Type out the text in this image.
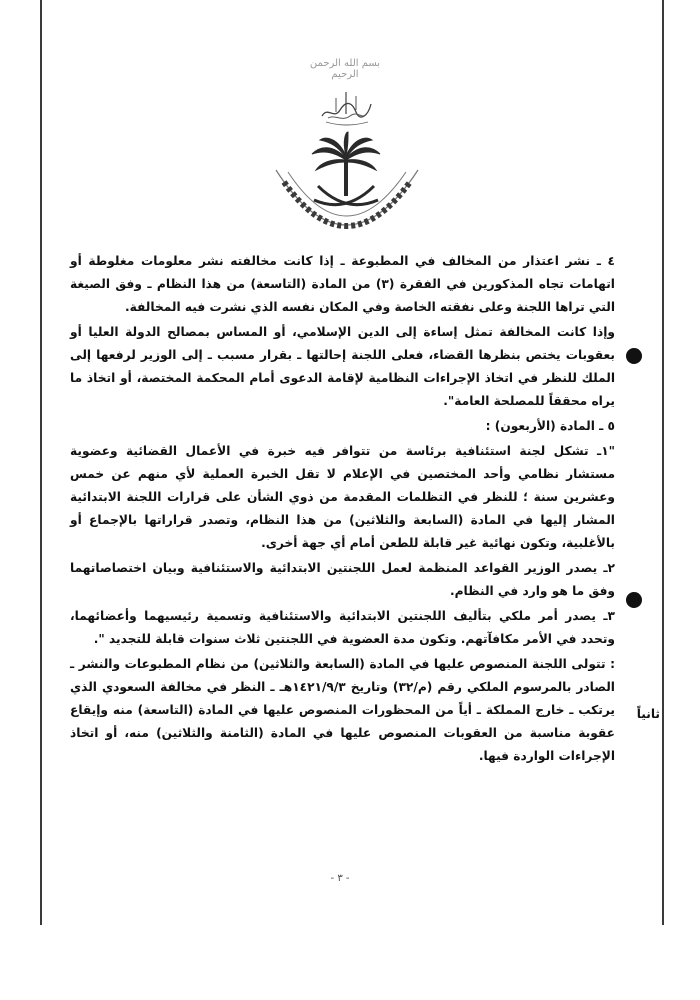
بسم الله الرحمن الرحيم

٤ ـ نشر اعتذار من المخالف في المطبوعة ـ إذا كانت مخالفته نشر معلومات مغلوطة أو اتهامات تجاه المذكورين في الفقرة (٣) من المادة (التاسعة) من هذا النظام ـ وفق الصيغة التي تراها اللجنة وعلى نفقته الخاصة وفي المكان نفسه الذي نشرت فيه المخالفة.

وإذا كانت المخالفة تمثل إساءة إلى الدين الإسلامي، أو المساس بمصالح الدولة العليا أو بعقوبات يختص بنظرها القضاء، فعلى اللجنة إحالتها ـ بقرار مسبب ـ إلى الوزير لرفعها إلى الملك للنظر في اتخاذ الإجراءات النظامية لإقامة الدعوى أمام المحكمة المختصة، أو اتخاذ ما يراه محققاً للمصلحة العامة".

٥ ـ المادة (الأربعون) :

"١ـ تشكل لجنة استئنافية برئاسة من تتوافر فيه خبرة في الأعمال القضائية وعضوية مستشار نظامي وأحد المختصين في الإعلام لا تقل الخبرة العملية لأي منهم عن خمس وعشرين سنة ؛ للنظر في التظلمات المقدمة من ذوي الشأن على قرارات اللجنة الابتدائية المشار إليها في المادة (السابعة والثلاثين) من هذا النظام، وتصدر قراراتها بالإجماع أو بالأغلبية، وتكون نهائية غير قابلة للطعن أمام أي جهة أخرى.

٢ـ يصدر الوزير القواعد المنظمة لعمل اللجنتين الابتدائية والاستئنافية وبيان اختصاصاتهما وفق ما هو وارد في النظام.

٣ـ يصدر أمر ملكي بتأليف اللجنتين الابتدائية والاستئنافية وتسمية رئيسيهما وأعضائهما، وتحدد في الأمر مكافآتهم. وتكون مدة العضوية في اللجنتين ثلاث سنوات قابلة للتجديد ".

: تتولى اللجنة المنصوص عليها في المادة (السابعة والثلاثين) من نظام المطبوعات والنشر ـ الصادر بالمرسوم الملكي رقم (م/٣٢) وتاريخ ١٤٢١/٩/٣هـ ـ النظر في مخالفة السعودي الذي يرتكب ـ خارج المملكة ـ أياً من المحظورات المنصوص عليها في المادة (التاسعة) منه وإيقاع عقوبة مناسبة من العقوبات المنصوص عليها في المادة (الثامنة والثلاثين) منه، أو اتخاذ الإجراءات الواردة فيها.

ثانياً
- ٣ -
